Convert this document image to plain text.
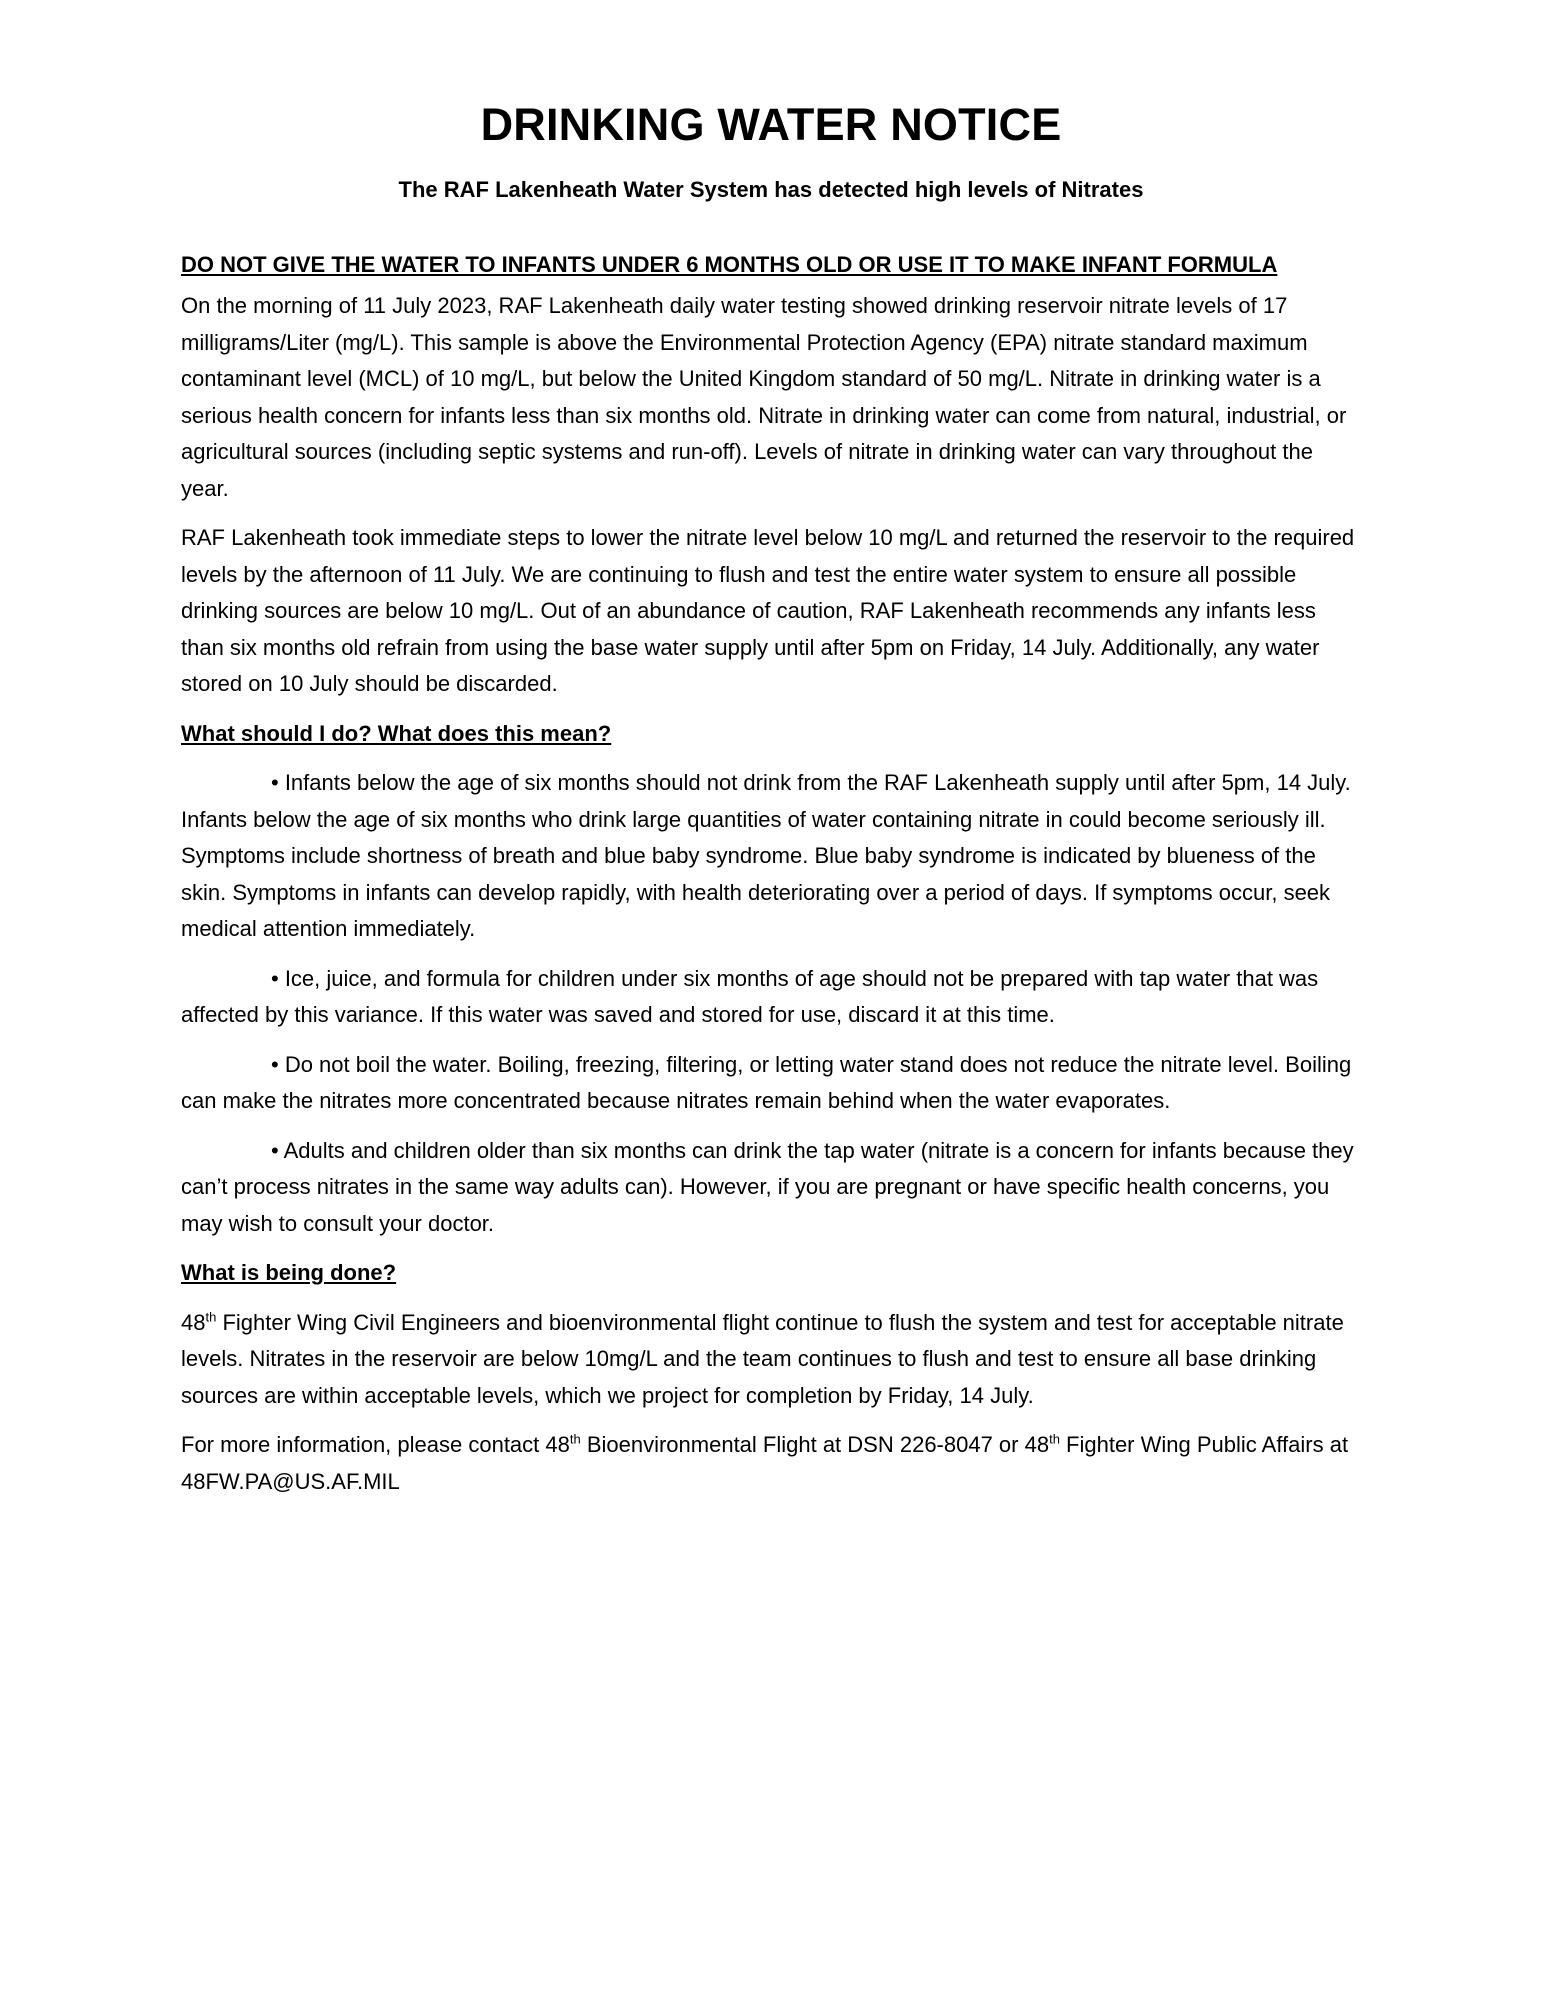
DRINKING WATER NOTICE
The RAF Lakenheath Water System has detected high levels of Nitrates
DO NOT GIVE THE WATER TO INFANTS UNDER 6 MONTHS OLD OR USE IT TO MAKE INFANT FORMULA

On the morning of 11 July 2023, RAF Lakenheath daily water testing showed drinking reservoir nitrate levels of 17 milligrams/Liter (mg/L). This sample is above the Environmental Protection Agency (EPA) nitrate standard maximum contaminant level (MCL) of 10 mg/L, but below the United Kingdom standard of 50 mg/L. Nitrate in drinking water is a serious health concern for infants less than six months old. Nitrate in drinking water can come from natural, industrial, or agricultural sources (including septic systems and run-off). Levels of nitrate in drinking water can vary throughout the year.

RAF Lakenheath took immediate steps to lower the nitrate level below 10 mg/L and returned the reservoir to the required levels by the afternoon of 11 July. We are continuing to flush and test the entire water system to ensure all possible drinking sources are below 10 mg/L. Out of an abundance of caution, RAF Lakenheath recommends any infants less than six months old refrain from using the base water supply until after 5pm on Friday, 14 July. Additionally, any water stored on 10 July should be discarded.

What should I do? What does this mean?

• Infants below the age of six months should not drink from the RAF Lakenheath supply until after 5pm, 14 July. Infants below the age of six months who drink large quantities of water containing nitrate in could become seriously ill. Symptoms include shortness of breath and blue baby syndrome. Blue baby syndrome is indicated by blueness of the skin. Symptoms in infants can develop rapidly, with health deteriorating over a period of days. If symptoms occur, seek medical attention immediately.

• Ice, juice, and formula for children under six months of age should not be prepared with tap water that was affected by this variance. If this water was saved and stored for use, discard it at this time.

• Do not boil the water. Boiling, freezing, filtering, or letting water stand does not reduce the nitrate level. Boiling can make the nitrates more concentrated because nitrates remain behind when the water evaporates.

• Adults and children older than six months can drink the tap water (nitrate is a concern for infants because they can’t process nitrates in the same way adults can). However, if you are pregnant or have specific health concerns, you may wish to consult your doctor.

What is being done?

48th Fighter Wing Civil Engineers and bioenvironmental flight continue to flush the system and test for acceptable nitrate levels. Nitrates in the reservoir are below 10mg/L and the team continues to flush and test to ensure all base drinking sources are within acceptable levels, which we project for completion by Friday, 14 July.

For more information, please contact 48th Bioenvironmental Flight at DSN 226-8047 or 48th Fighter Wing Public Affairs at 48FW.PA@US.AF.MIL
